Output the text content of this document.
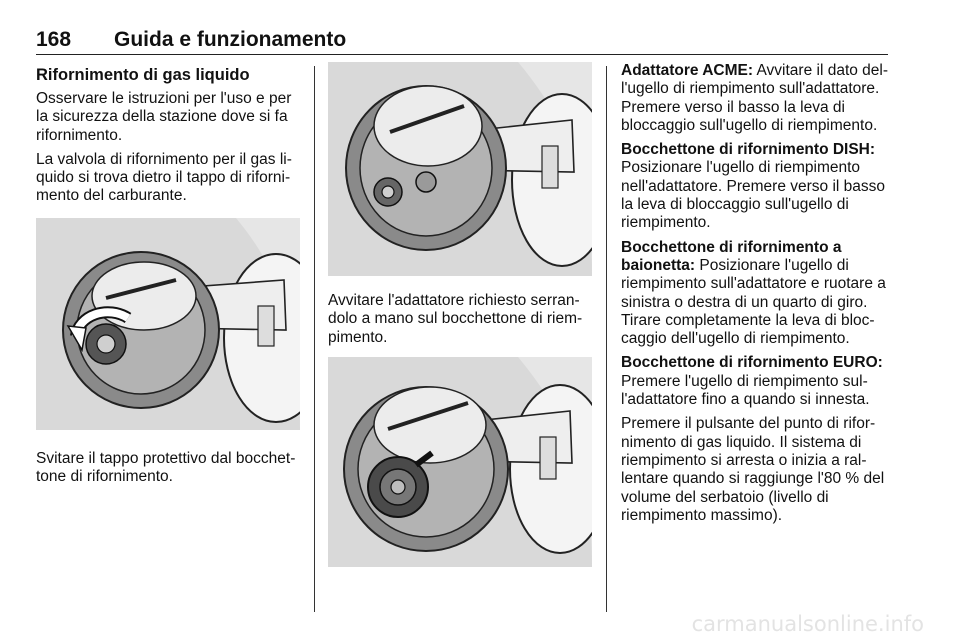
168 Guida e funzionamento
Rifornimento di gas liquido

Osservare le istruzioni per l'uso e per la sicurezza della stazione dove si fa rifornimento.

La valvola di rifornimento per il gas liquido si trova dietro il tappo di rifornimento del carburante.

Svitare il tappo protettivo dal bocchettone di rifornimento.

Avvitare l'adattatore richiesto serrandolo a mano sul bocchettone di riempimento.

Adattatore ACME: Avvitare il dato dell'ugello di riempimento sull'adattatore. Premere verso il basso la leva di bloccaggio sull'ugello di riempimento.

Bocchettone di rifornimento DISH: Posizionare l'ugello di riempimento nell'adattatore. Premere verso il basso la leva di bloccaggio sull'ugello di riempimento.

Bocchettone di rifornimento a baionetta: Posizionare l'ugello di riempimento sull'adattatore e ruotare a sinistra o destra di un quarto di giro. Tirare completamente la leva di bloccaggio dell'ugello di riempimento.

Bocchettone di rifornimento EURO: Premere l'ugello di riempimento sull'adattatore fino a quando si innesta.

Premere il pulsante del punto di rifornimento di gas liquido. Il sistema di riempimento si arresta o inizia a rallentare quando si raggiunge l'80 % del volume del serbatoio (livello di riempimento massimo).

carmanualsonline.info
